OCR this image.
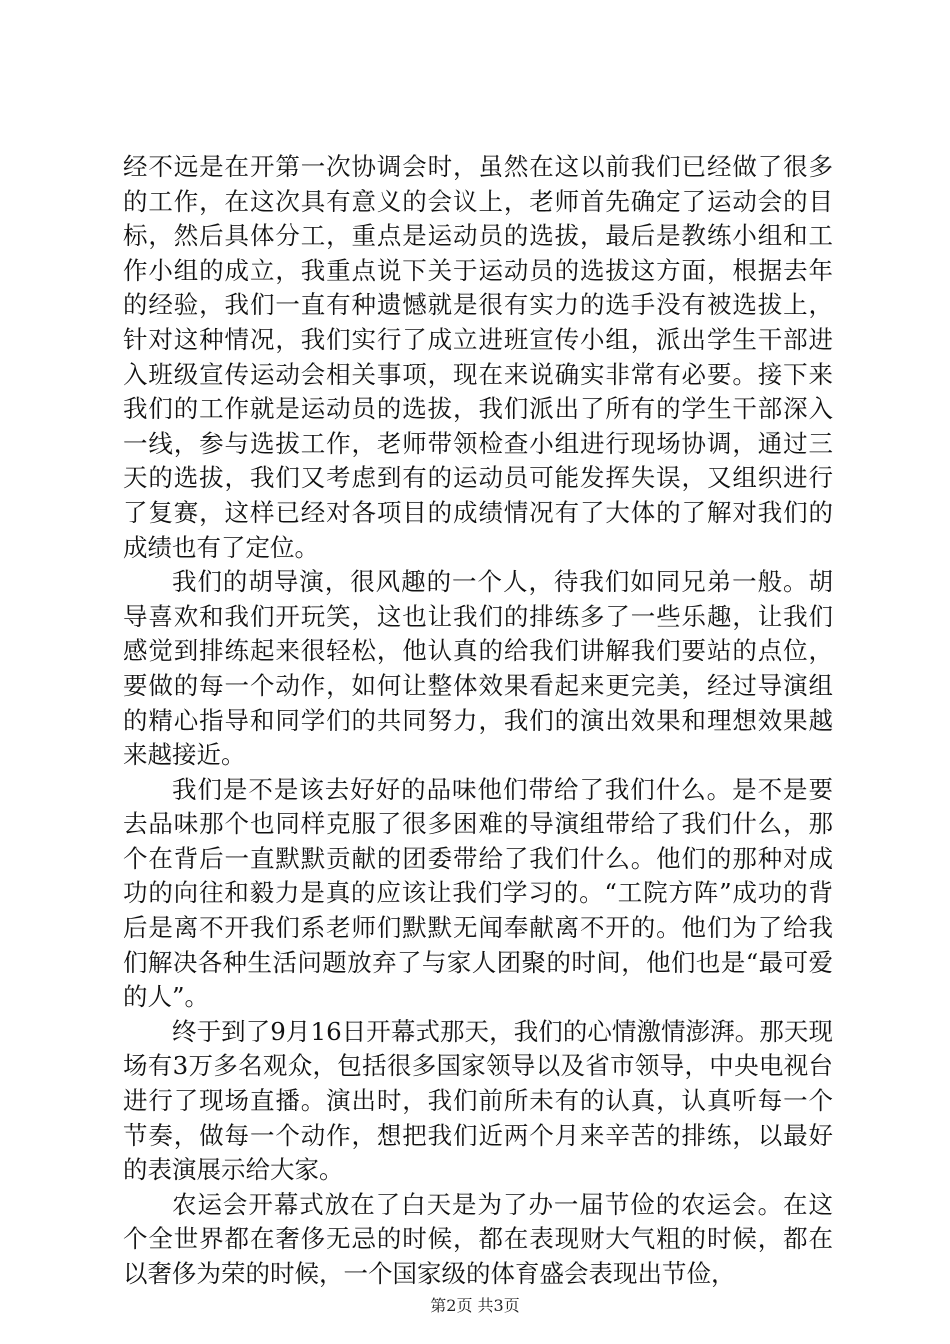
经不远是在开第一次协调会时，虽然在这以前我们已经做了很多的工作，在这次具有意义的会议上，老师首先确定了运动会的目标，然后具体分工，重点是运动员的选拔，最后是教练小组和工作小组的成立，我重点说下关于运动员的选拔这方面，根据去年的经验，我们一直有种遗憾就是很有实力的选手没有被选拔上，针对这种情况，我们实行了成立进班宣传小组，派出学生干部进入班级宣传运动会相关事项，现在来说确实非常有必要。接下来我们的工作就是运动员的选拔，我们派出了所有的学生干部深入一线，参与选拔工作，老师带领检查小组进行现场协调，通过三天的选拔，我们又考虑到有的运动员可能发挥失误，又组织进行了复赛，这样已经对各项目的成绩情况有了大体的了解对我们的成绩也有了定位。

我们的胡导演，很风趣的一个人，待我们如同兄弟一般。胡导喜欢和我们开玩笑，这也让我们的排练多了一些乐趣，让我们感觉到排练起来很轻松，他认真的给我们讲解我们要站的点位，要做的每一个动作，如何让整体效果看起来更完美，经过导演组的精心指导和同学们的共同努力，我们的演出效果和理想效果越来越接近。

我们是不是该去好好的品味他们带给了我们什么。是不是要去品味那个也同样克服了很多困难的导演组带给了我们什么，那个在背后一直默默贡献的团委带给了我们什么。他们的那种对成功的向往和毅力是真的应该让我们学习的。“工院方阵”成功的背后是离不开我们系老师们默默无闻奉献离不开的。他们为了给我们解决各种生活问题放弃了与家人团聚的时间，他们也是“最可爱的人”。

终于到了9月16日开幕式那天，我们的心情激情澎湃。那天现场有3万多名观众，包括很多国家领导以及省市领导，中央电视台进行了现场直播。演出时，我们前所未有的认真，认真听每一个节奏，做每一个动作，想把我们近两个月来辛苦的排练，以最好的表演展示给大家。

农运会开幕式放在了白天是为了办一届节俭的农运会。在这个全世界都在奢侈无忌的时候，都在表现财大气粗的时候，都在以奢侈为荣的时候，一个国家级的体育盛会表现出节俭，

第2页 共3页
